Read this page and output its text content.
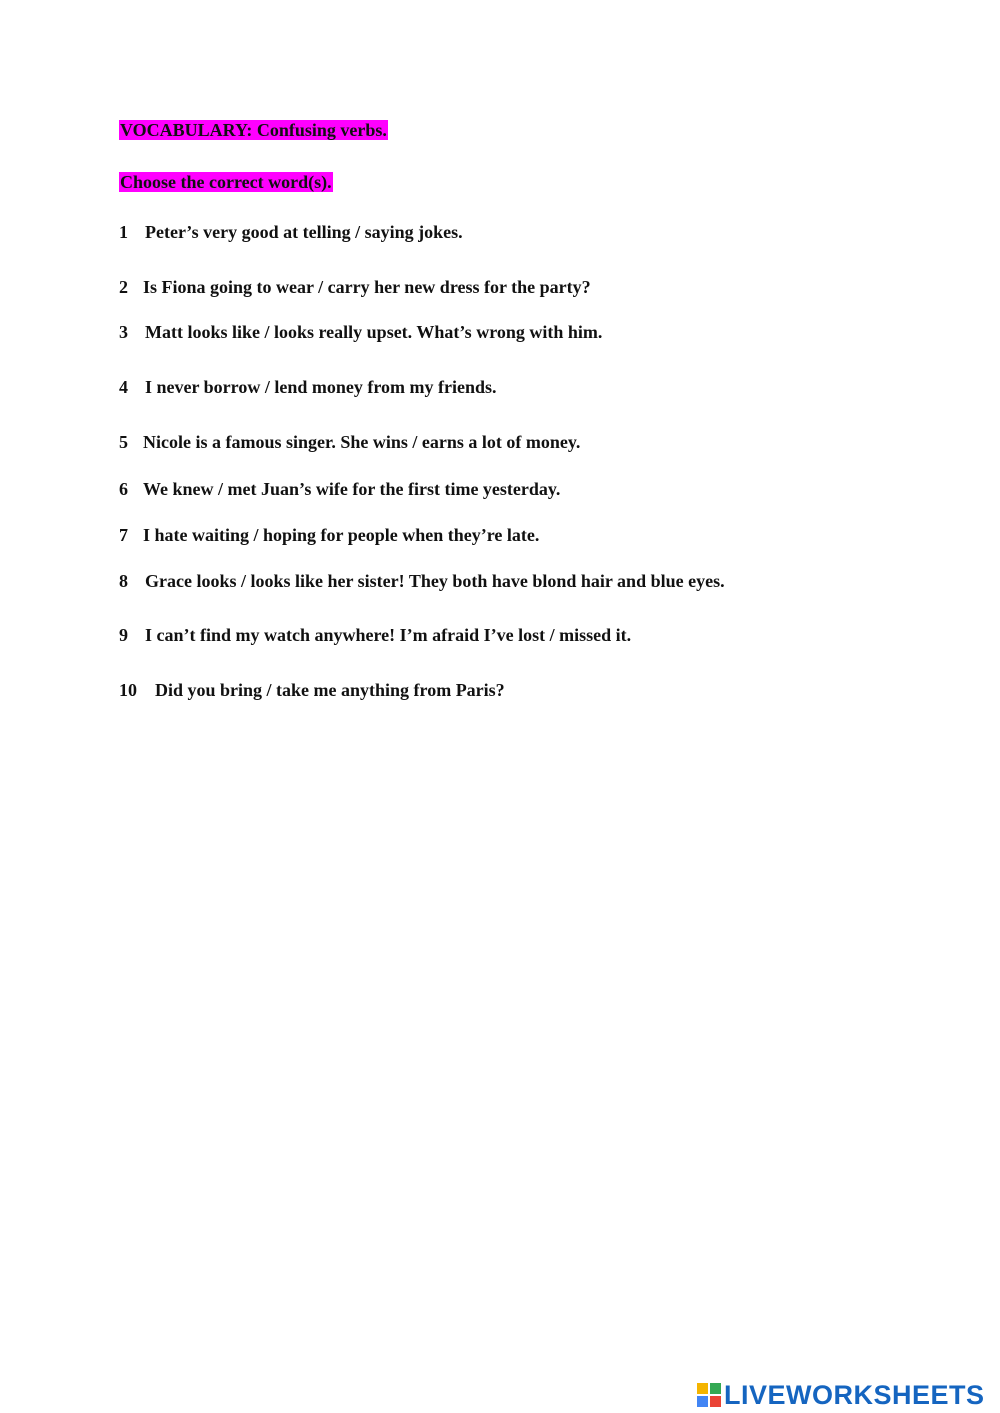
VOCABULARY: Confusing verbs.

Choose the correct word(s).

1 Peter’s very good at telling / saying jokes.

2 Is Fiona going to wear / carry her new dress for the party?

3 Matt looks like / looks really upset. What’s wrong with him.

4 I never borrow / lend money from my friends.

5 Nicole is a famous singer. She wins / earns a lot of money.

6 We knew / met Juan’s wife for the first time yesterday.

7 I hate waiting / hoping for people when they’re late.

8 Grace looks / looks like her sister! They both have blond hair and blue eyes.

9 I can’t find my watch anywhere! I’m afraid I’ve lost / missed it.

10 Did you bring / take me anything from Paris?

LIVEWORKSHEETS
